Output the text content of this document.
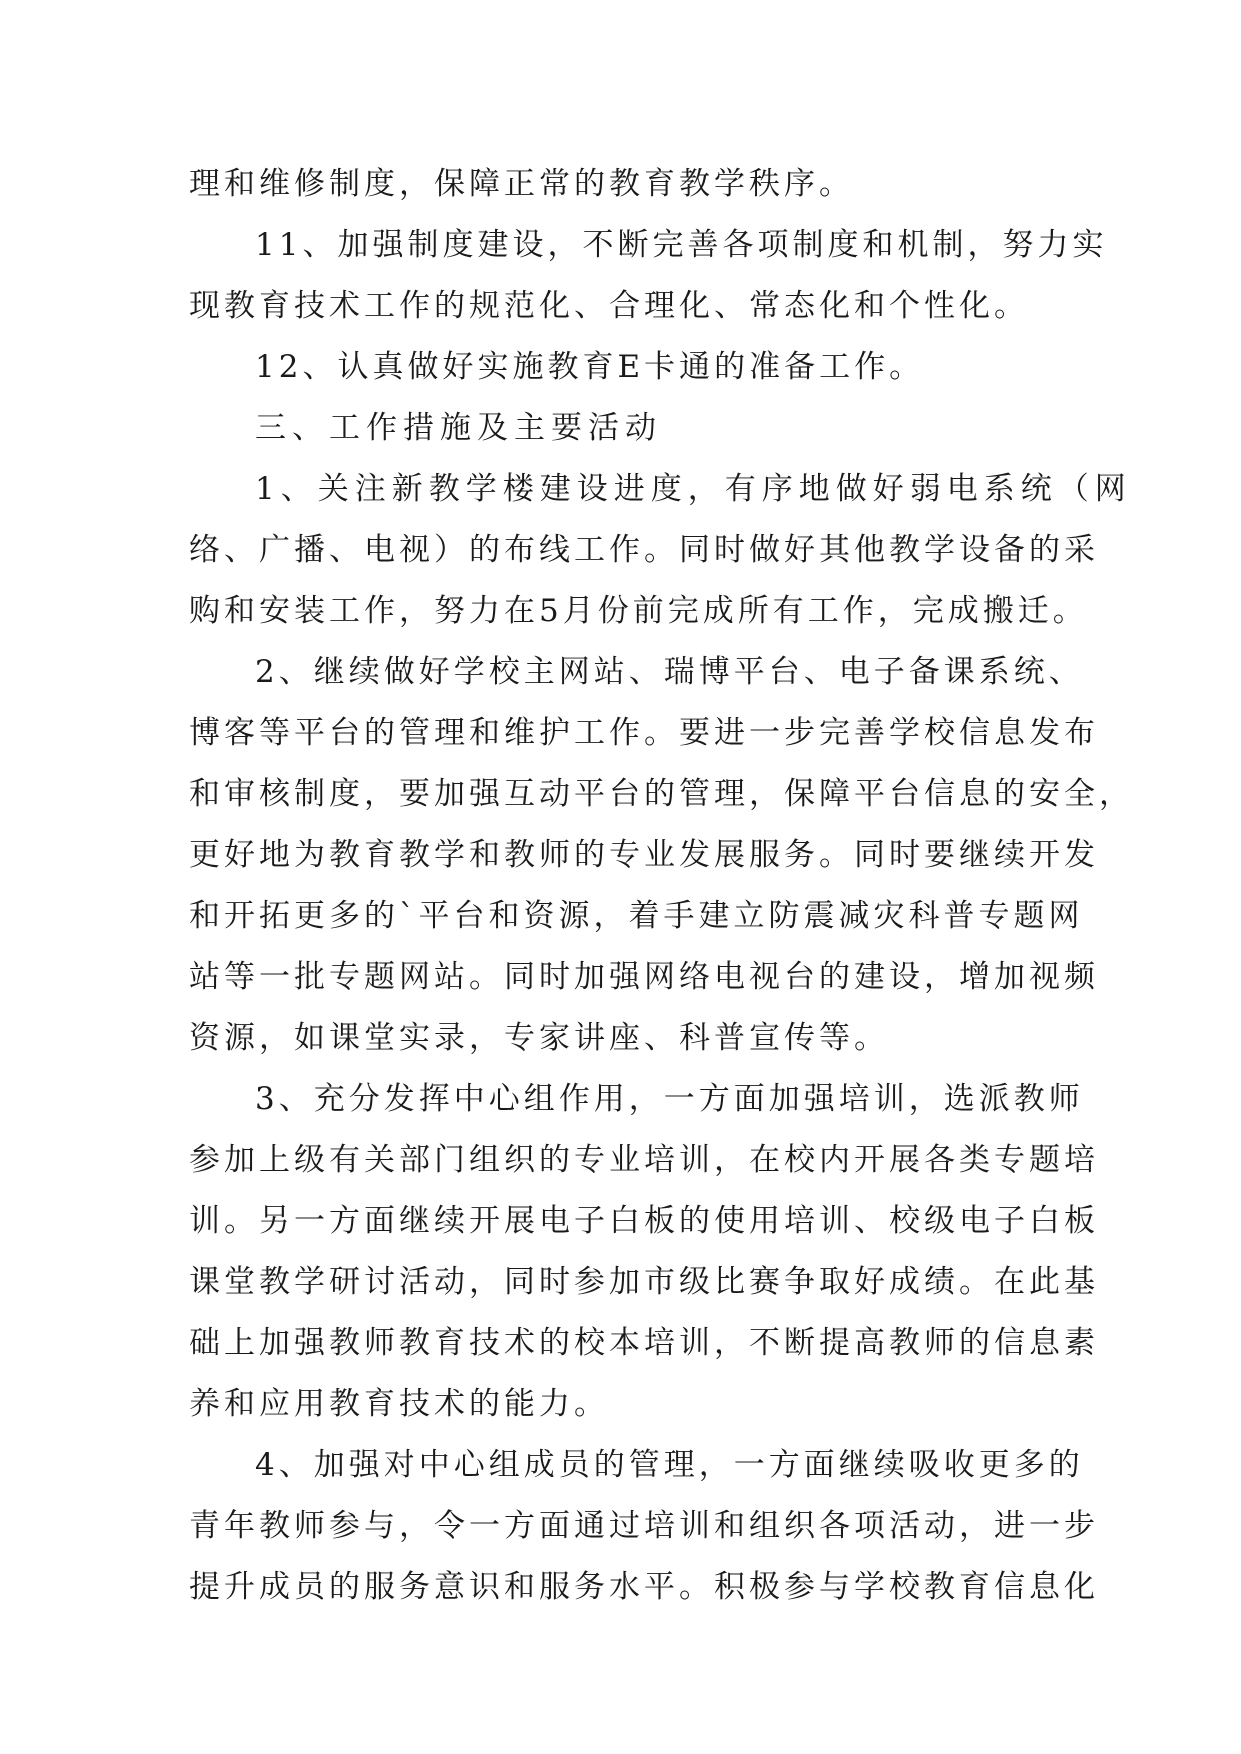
理和维修制度，保障正常的教育教学秩序。
11、加强制度建设，不断完善各项制度和机制，努力实
现教育技术工作的规范化、合理化、常态化和个性化。
12、认真做好实施教育E卡通的准备工作。
三、工作措施及主要活动
1、关注新教学楼建设进度，有序地做好弱电系统（网
络、广播、电视）的布线工作。同时做好其他教学设备的采
购和安装工作，努力在5月份前完成所有工作，完成搬迁。
2、继续做好学校主网站、瑞博平台、电子备课系统、
博客等平台的管理和维护工作。要进一步完善学校信息发布
和审核制度，要加强互动平台的管理，保障平台信息的安全，
更好地为教育教学和教师的专业发展服务。同时要继续开发
和开拓更多的`平台和资源，着手建立防震减灾科普专题网
站等一批专题网站。同时加强网络电视台的建设，增加视频
资源，如课堂实录，专家讲座、科普宣传等。
3、充分发挥中心组作用，一方面加强培训，选派教师
参加上级有关部门组织的专业培训，在校内开展各类专题培
训。另一方面继续开展电子白板的使用培训、校级电子白板
课堂教学研讨活动，同时参加市级比赛争取好成绩。在此基
础上加强教师教育技术的校本培训，不断提高教师的信息素
养和应用教育技术的能力。
4、加强对中心组成员的管理，一方面继续吸收更多的
青年教师参与，令一方面通过培训和组织各项活动，进一步
提升成员的服务意识和服务水平。积极参与学校教育信息化
